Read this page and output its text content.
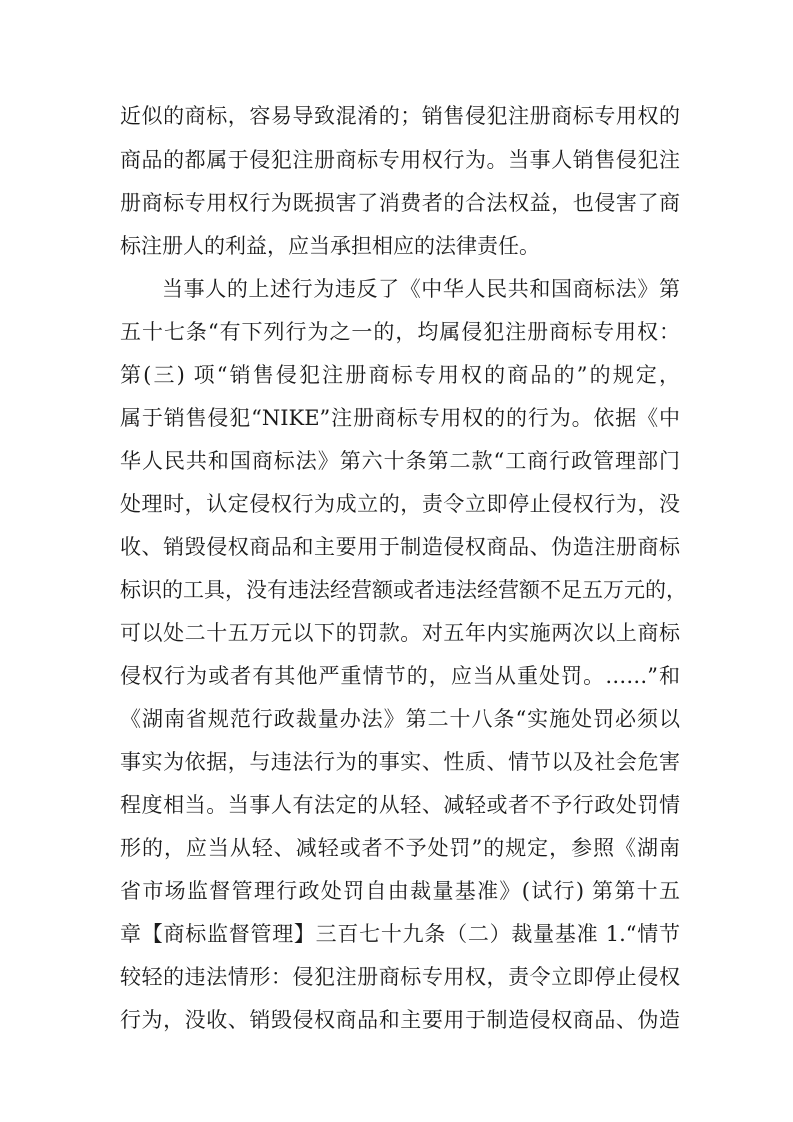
近似的商标，容易导致混淆的；销售侵犯注册商标专用权的
商品的都属于侵犯注册商标专用权行为。当事人销售侵犯注
册商标专用权行为既损害了消费者的合法权益，也侵害了商
标注册人的利益，应当承担相应的法律责任。
当事人的上述行为违反了《中华人民共和国商标法》第
五十七条“有下列行为之一的，均属侵犯注册商标专用权：
第(三) 项“销售侵犯注册商标专用权的商品的”的规定，
属于销售侵犯“NIKE”注册商标专用权的的行为。依据《中
华人民共和国商标法》第六十条第二款“工商行政管理部门
处理时，认定侵权行为成立的，责令立即停止侵权行为，没
收、销毁侵权商品和主要用于制造侵权商品、伪造注册商标
标识的工具，没有违法经营额或者违法经营额不足五万元的，
可以处二十五万元以下的罚款。对五年内实施两次以上商标
侵权行为或者有其他严重情节的，应当从重处罚。……”和
《湖南省规范行政裁量办法》第二十八条“实施处罚必须以
事实为依据，与违法行为的事实、性质、情节以及社会危害
程度相当。当事人有法定的从轻、减轻或者不予行政处罚情
形的，应当从轻、减轻或者不予处罚”的规定，参照《湖南
省市场监督管理行政处罚自由裁量基准》(试行) 第第十五
章【商标监督管理】三百七十九条（二）裁量基准 1.“情节
较轻的违法情形：侵犯注册商标专用权，责令立即停止侵权
行为，没收、销毁侵权商品和主要用于制造侵权商品、伪造
